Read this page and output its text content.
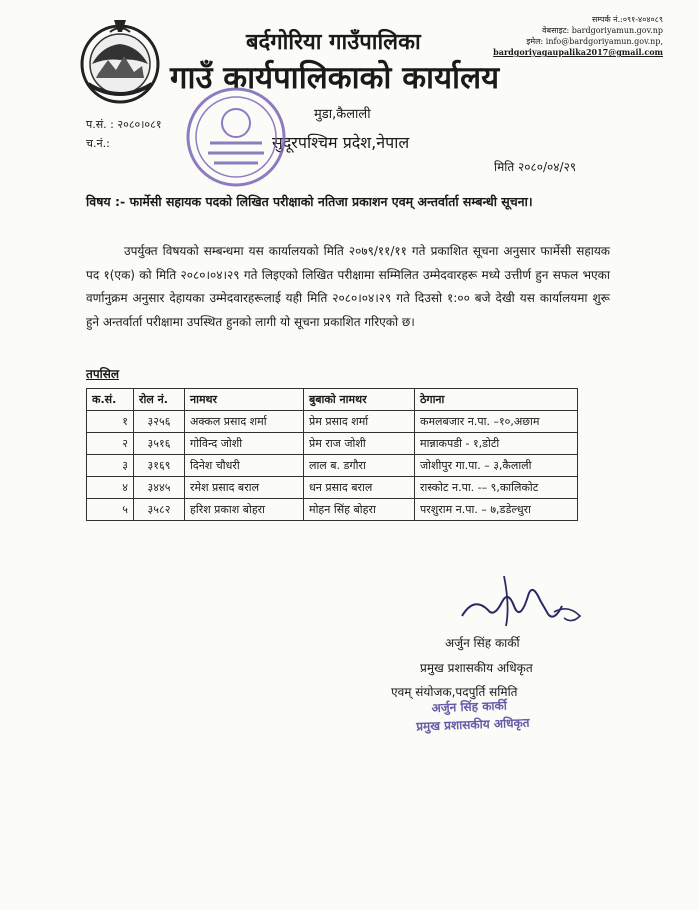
बर्दगोरिया गाउँपालिका
गाउँ कार्यपालिकाको कार्यालय
सम्पर्क नं.:०९१-४०४०८९
वेबसाइट: bardgoriyamun.gov.np
इमेल: info@bardgoriyamun.gov.np,
bardgoriyagaupalika2017@gmail.com
मुडा,कैलाली
सुदूरपश्चिम प्रदेश,नेपाल
प.सं. : २०८०।०८१
च.नं.:
मिति २०८०/०४/२९
विषय :- फार्मेसी सहायक पदको लिखित परीक्षाको नतिजा प्रकाशन एवम् अन्तर्वार्ता सम्बन्धी सूचना।
उपर्युक्त विषयको सम्बन्धमा यस कार्यालयको मिति २०७९/११/११ गते प्रकाशित सूचना अनुसार फार्मेसी सहायक पद १(एक) को मिति २०८०।०४।२९ गते लिइएको लिखित परीक्षामा सम्मिलित उम्मेदवारहरू मध्ये उत्तीर्ण हुन सफल भएका वर्णानुक्रम अनुसार देहायका उम्मेदवारहरूलाई यही मिति २०८०।०४।२९ गते दिउसो १:०० बजे देखी यस कार्यालयमा शुरू हुने अन्तर्वार्ता परीक्षामा उपस्थित हुनको लागी यो सूचना प्रकाशित गरिएको छ।
तपसिल
क.सं.	रोल नं.	नामथर	बुबाको नामथर	ठेगाना
१	३२५६	अक्कल प्रसाद शर्मा	प्रेम प्रसाद शर्मा	कमलबजार न.पा. –१०,अछाम
२	३५१६	गोविन्द जोशी	प्रेम राज जोशी	मान्नाकपडी - १,डोटी
३	३१६९	दिनेश चौधरी	लाल ब. डगौरा	जोशीपुर गा.पा. – ३,कैलाली
४	३४४५	रमेश प्रसाद बराल	धन प्रसाद बराल	रास्कोट न.पा. -– ९,कालिकोट
५	३५८२	हरिश प्रकाश बोहरा	मोहन सिंह बोहरा	परशुराम न.पा. – ७,डडेल्धुरा
अर्जुन सिंह कार्की
प्रमुख प्रशासकीय अधिकृत
एवम् संयोजक,पदपुर्ति समिति
अर्जुन सिंह कार्की
प्रमुख प्रशासकीय अधिकृत
